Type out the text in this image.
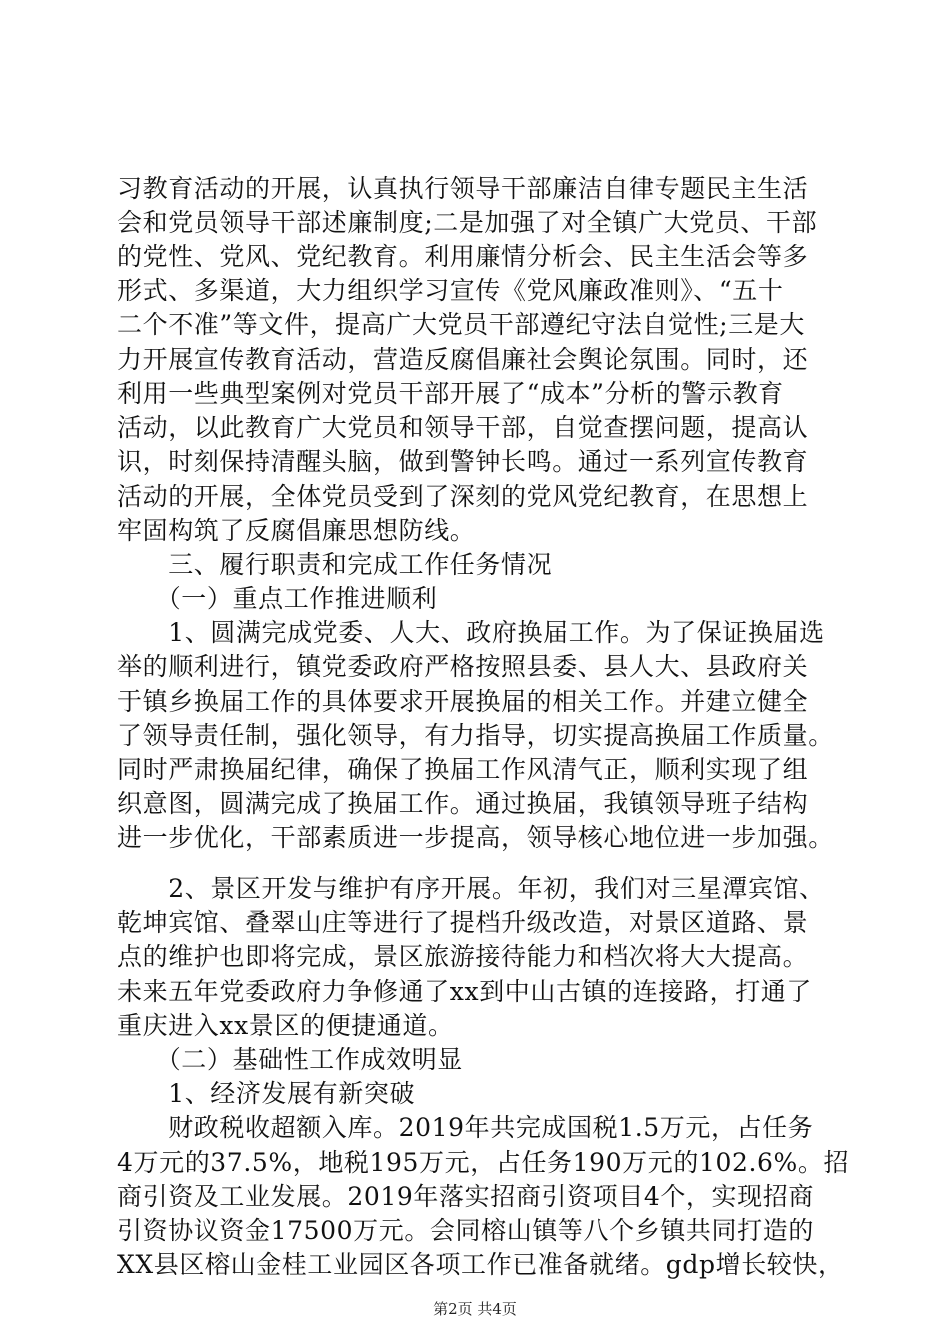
习教育活动的开展，认真执行领导干部廉洁自律专题民主生活
会和党员领导干部述廉制度;二是加强了对全镇广大党员、干部
的党性、党风、党纪教育。利用廉情分析会、民主生活会等多
形式、多渠道，大力组织学习宣传《党风廉政准则》、“五十
二个不准”等文件，提高广大党员干部遵纪守法自觉性;三是大
力开展宣传教育活动，营造反腐倡廉社会舆论氛围。同时，还
利用一些典型案例对党员干部开展了“成本”分析的警示教育
活动，以此教育广大党员和领导干部，自觉查摆问题，提高认
识，时刻保持清醒头脑，做到警钟长鸣。通过一系列宣传教育
活动的开展，全体党员受到了深刻的党风党纪教育，在思想上
牢固构筑了反腐倡廉思想防线。
　　三、履行职责和完成工作任务情况
　　（一）重点工作推进顺利
　　1、圆满完成党委、人大、政府换届工作。为了保证换届选
举的顺利进行，镇党委政府严格按照县委、县人大、县政府关
于镇乡换届工作的具体要求开展换届的相关工作。并建立健全
了领导责任制，强化领导，有力指导，切实提高换届工作质量。
同时严肃换届纪律，确保了换届工作风清气正，顺利实现了组
织意图，圆满完成了换届工作。通过换届，我镇领导班子结构
进一步优化，干部素质进一步提高，领导核心地位进一步加强。
　　2、景区开发与维护有序开展。年初，我们对三星潭宾馆、
乾坤宾馆、叠翠山庄等进行了提档升级改造，对景区道路、景
点的维护也即将完成，景区旅游接待能力和档次将大大提高。
未来五年党委政府力争修通了xx到中山古镇的连接路，打通了
重庆进入xx景区的便捷通道。
　　（二）基础性工作成效明显
　　1、经济发展有新突破
　　财政税收超额入库。2019年共完成国税1.5万元，占任务
4万元的37.5%，地税195万元，占任务190万元的102.6%。招
商引资及工业发展。2019年落实招商引资项目4个，实现招商
引资协议资金17500万元。会同榕山镇等八个乡镇共同打造的
XX县区榕山金桂工业园区各项工作已准备就绪。gdp增长较快，
第2页 共4页
